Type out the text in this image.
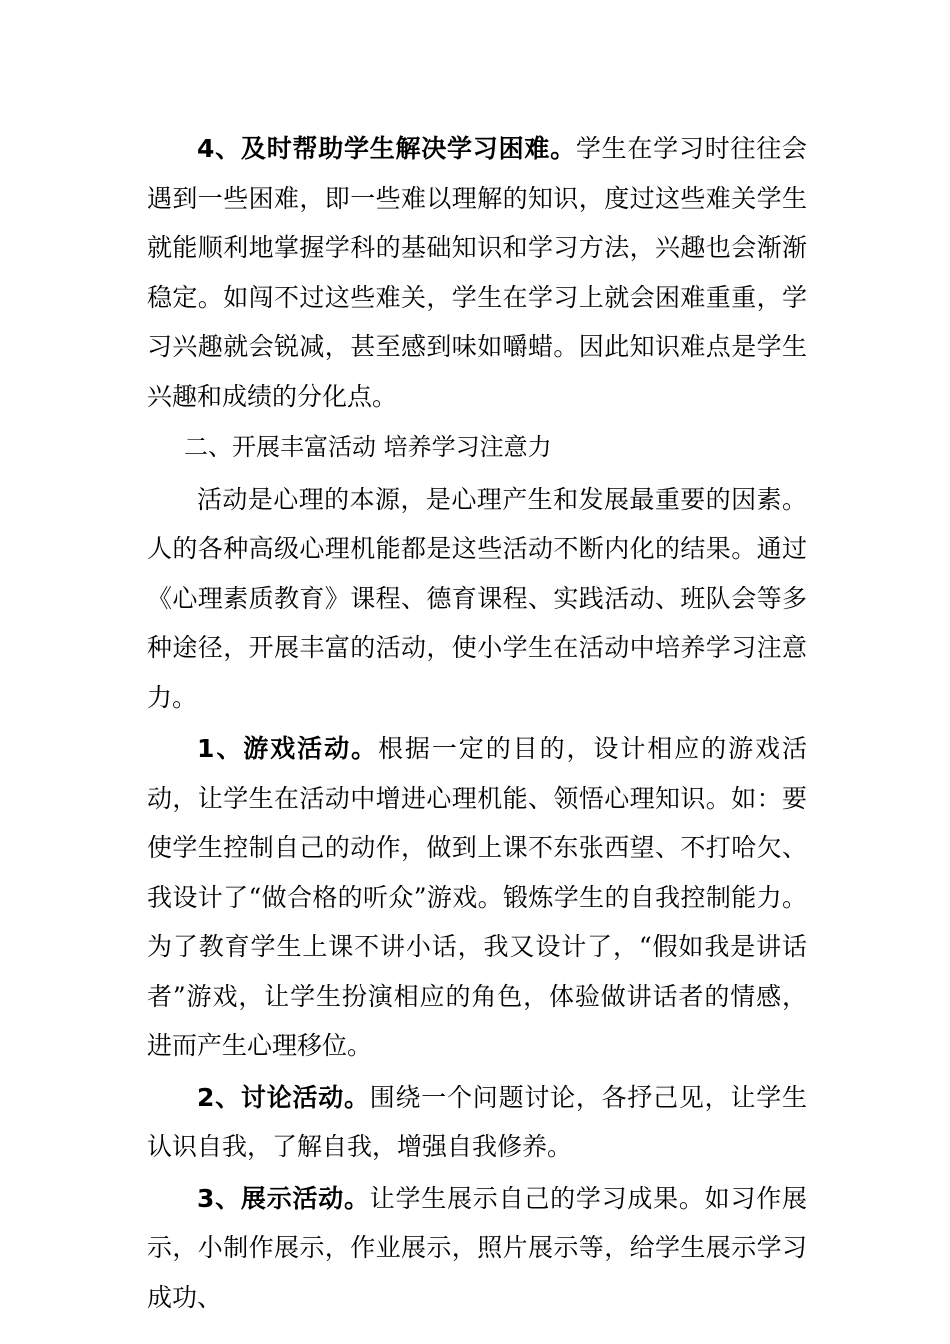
4、及时帮助学生解决学习困难。学生在学习时往往会遇到一些困难，即一些难以理解的知识，度过这些难关学生就能顺利地掌握学科的基础知识和学习方法，兴趣也会渐渐稳定。如闯不过这些难关，学生在学习上就会困难重重，学习兴趣就会锐减，甚至感到味如嚼蜡。因此知识难点是学生兴趣和成绩的分化点。

二、开展丰富活动 培养学习注意力

活动是心理的本源，是心理产生和发展最重要的因素。人的各种高级心理机能都是这些活动不断内化的结果。通过《心理素质教育》课程、德育课程、实践活动、班队会等多种途径，开展丰富的活动，使小学生在活动中培养学习注意力。

1、游戏活动。根据一定的目的，设计相应的游戏活动，让学生在活动中增进心理机能、领悟心理知识。如：要使学生控制自己的动作，做到上课不东张西望、不打哈欠、我设计了“做合格的听众”游戏。锻炼学生的自我控制能力。为了教育学生上课不讲小话，我又设计了，“假如我是讲话者”游戏，让学生扮演相应的角色，体验做讲话者的情感，进而产生心理移位。

2、讨论活动。围绕一个问题讨论，各抒己见，让学生认识自我，了解自我，增强自我修养。

3、展示活动。让学生展示自己的学习成果。如习作展示，小制作展示，作业展示，照片展示等，给学生展示学习成功、
